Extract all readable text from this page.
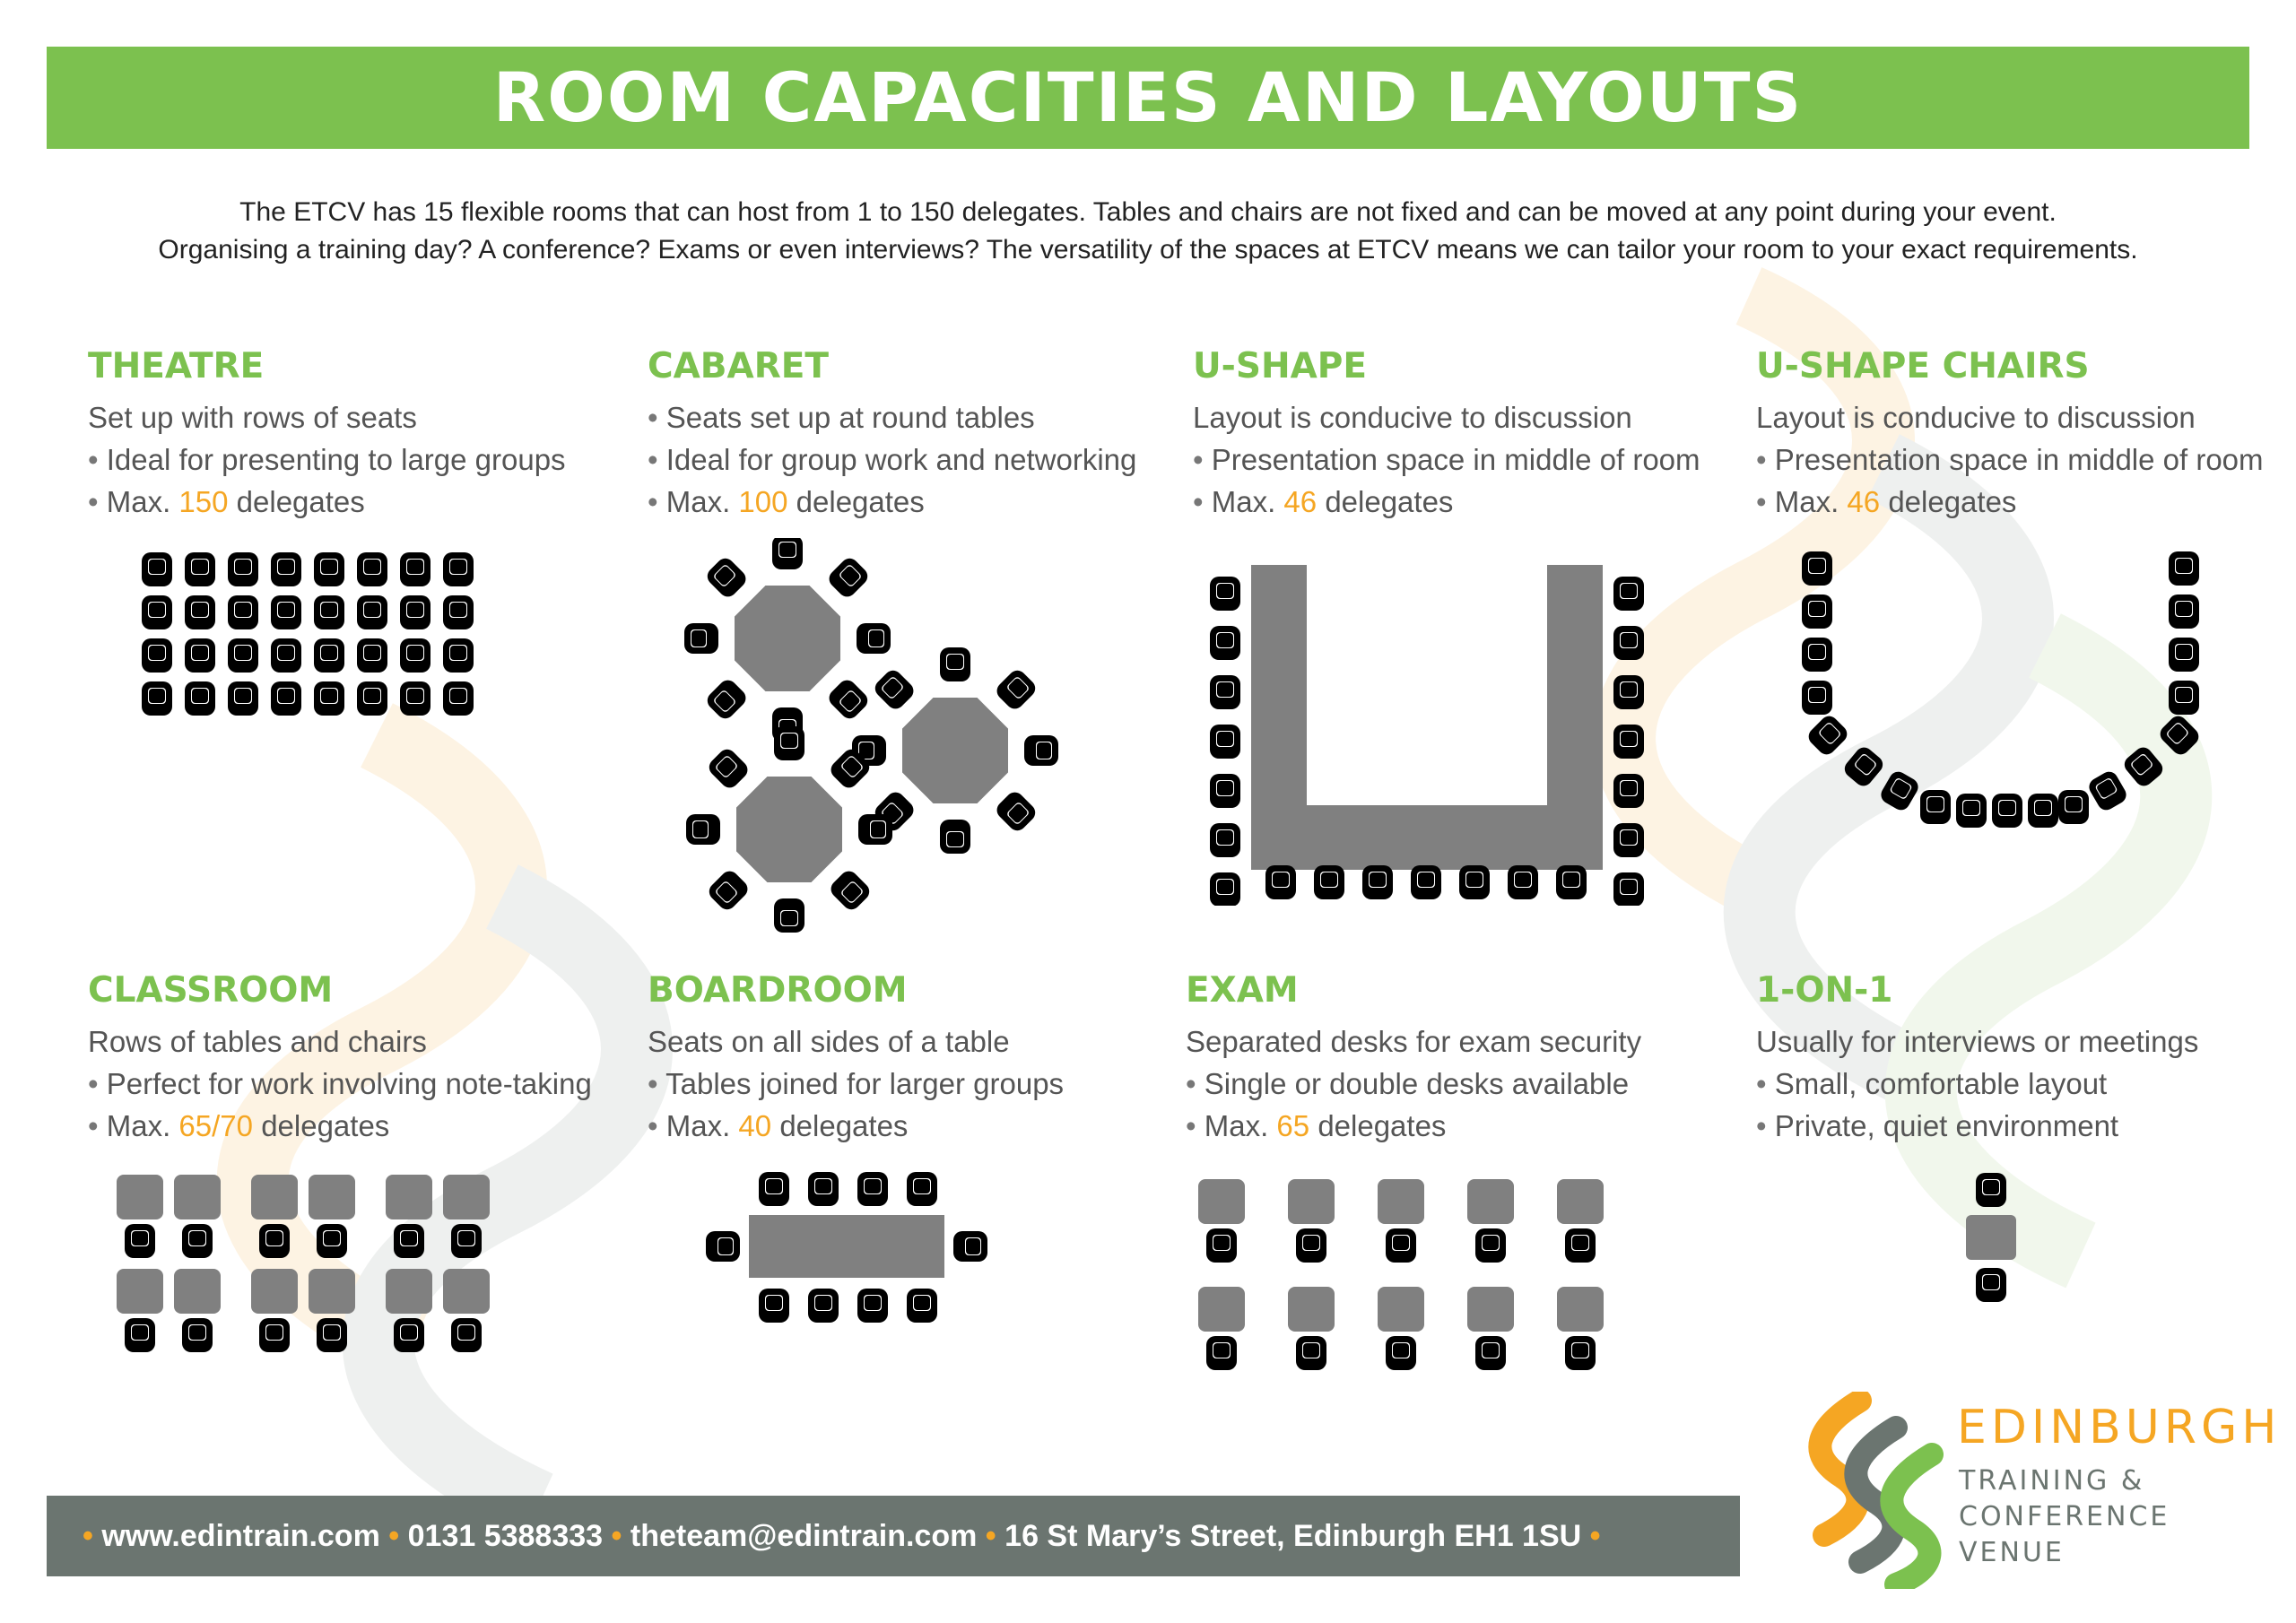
ROOM CAPACITIES AND LAYOUTS

The ETCV has 15 flexible rooms that can host from 1 to 150 delegates. Tables and chairs are not fixed and can be moved at any point during your event.

Organising a training day? A conference? Exams or even interviews? The versatility of the spaces at ETCV means we can tailor your room to your exact requirements.

THEATRE
Set up with rows of seats
• Ideal for presenting to large groups
• Max. 150 delegates
CABARET
• Seats set up at round tables
• Ideal for group work and networking
• Max. 100 delegates
U-SHAPE
Layout is conducive to discussion
• Presentation space in middle of room
• Max. 46 delegates
U-SHAPE CHAIRS
Layout is conducive to discussion
• Presentation space in middle of room
• Max. 46 delegates
CLASSROOM
Rows of tables and chairs
• Perfect for work involving note-taking
• Max. 65/70 delegates
BOARDROOM
Seats on all sides of a table
• Tables joined for larger groups
• Max. 40 delegates
EXAM
Separated desks for exam security
• Single or double desks available
• Max. 65 delegates
1-ON-1
Usually for interviews or meetings
• Small, comfortable layout
• Private, quiet environment
• www.edintrain.com • 0131 5388333 • theteam@edintrain.com • 16 St Mary’s Street, Edinburgh EH1 1SU •
EDINBURGH
TRAINING &
CONFERENCE
VENUE
